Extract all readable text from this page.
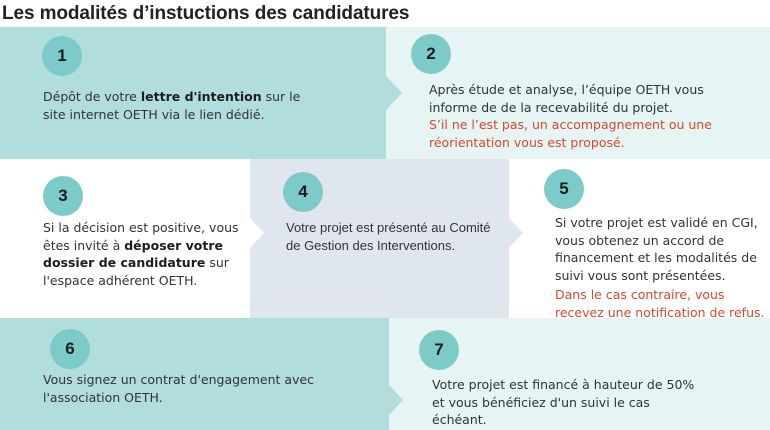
Les modalités d’instuctions des candidatures
1
Dépôt de votre lettre d'intention sur le site internet OETH via le lien dédié.
2
Après étude et analyse, l’équipe OETH vous informe de de la recevabilité du projet.
S’il ne l’est pas, un accompagnement ou une réorientation vous est proposé.
3
Si la décision est positive, vous êtes invité à déposer votre dossier de candidature sur l'espace adhérent OETH.
4
Votre projet est présenté au Comité de Gestion des Interventions.
5
Si votre projet est validé en CGI, vous obtenez un accord de financement et les modalités de suivi vous sont présentées.
Dans le cas contraire, vous recevez une notification de refus.
6
Vous signez un contrat d'engagement avec l'association OETH.
7
Votre projet est financé à hauteur de 50% et vous bénéficiez d'un suivi le cas échéant.
